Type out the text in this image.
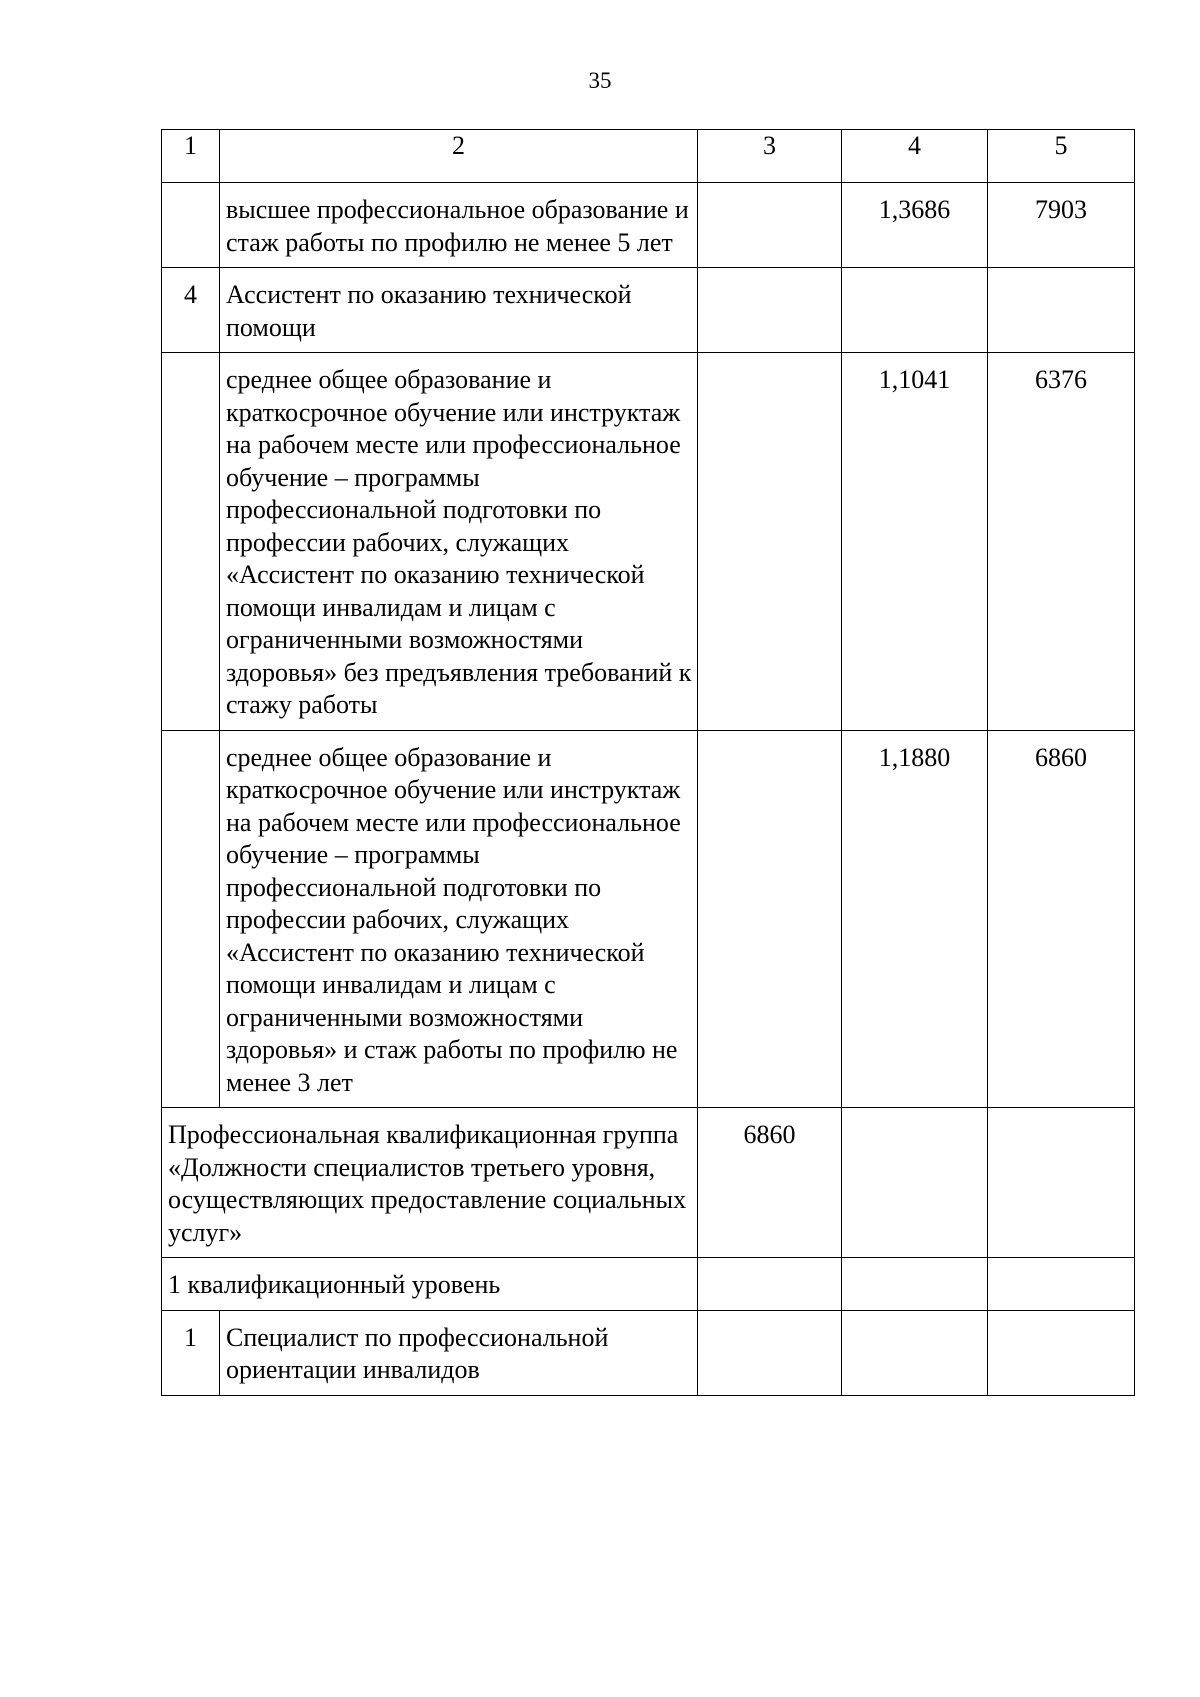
35
1	2	3	4	5
	высшее профессиональное образование и стаж работы по профилю не менее 5 лет		1,3686	7903
4	Ассистент по оказанию технической помощи			
	среднее общее образование и краткосрочное обучение или инструктаж на рабочем месте или профессиональное обучение – программы профессиональной подготовки по профессии рабочих, служащих «Ассистент по оказанию технической помощи инвалидам и лицам с ограниченными возможностями здоровья» без предъявления требований к стажу работы		1,1041	6376
	среднее общее образование и краткосрочное обучение или инструктаж на рабочем месте или профессиональное обучение – программы профессиональной подготовки по профессии рабочих, служащих «Ассистент по оказанию технической помощи инвалидам и лицам с ограниченными возможностями здоровья» и стаж работы по профилю не менее 3 лет		1,1880	6860
Профессиональная квалификационная группа «Должности специалистов третьего уровня, осуществляющих предоставление социальных услуг»		6860		
1 квалификационный уровень				
1	Специалист по профессиональной ориентации инвалидов			
